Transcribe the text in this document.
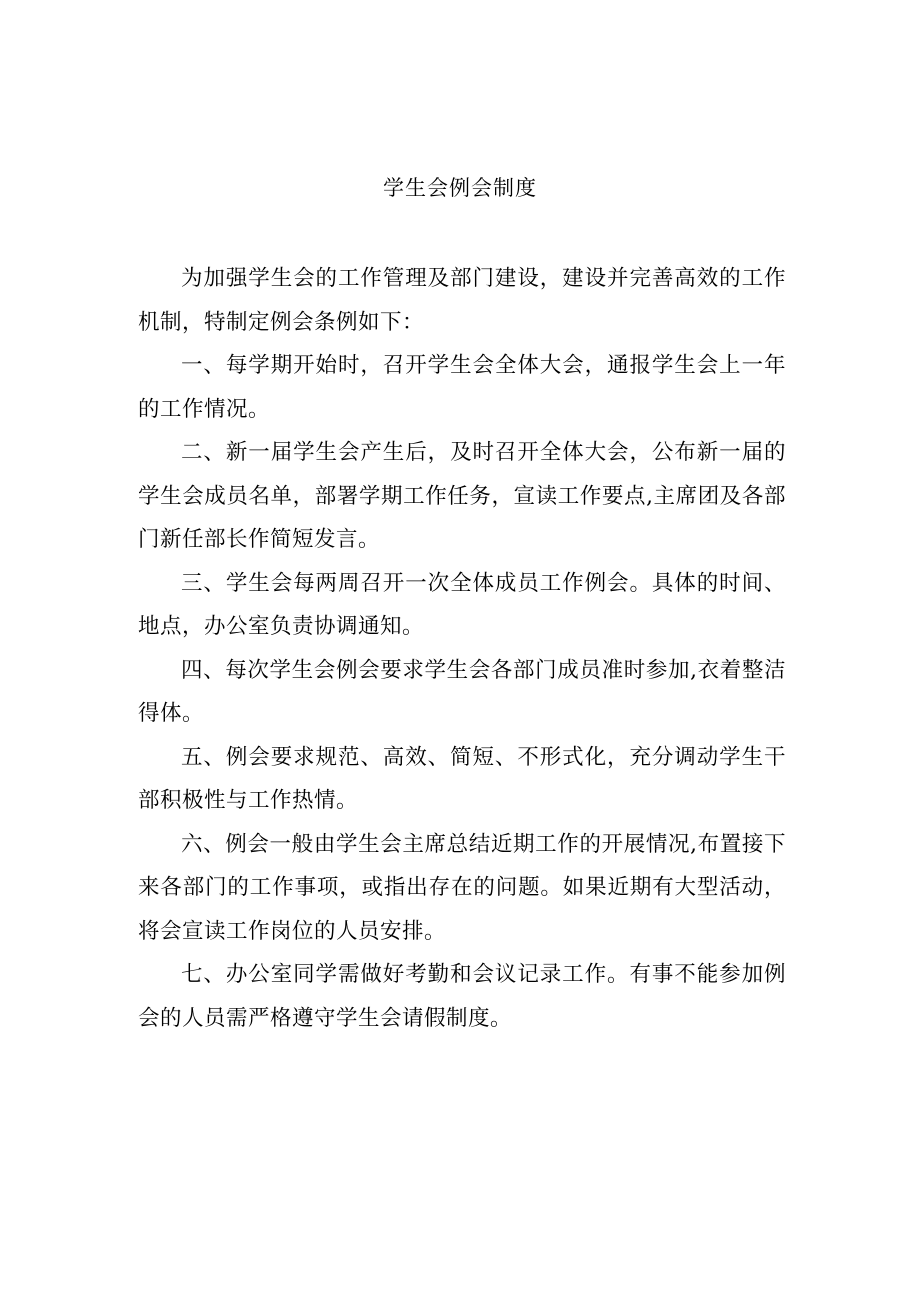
学生会例会制度

为加强学生会的工作管理及部门建设，建设并完善高效的工作机制，特制定例会条例如下：

一、每学期开始时，召开学生会全体大会，通报学生会上一年的工作情况。

二、新一届学生会产生后，及时召开全体大会，公布新一届的学生会成员名单，部署学期工作任务，宣读工作要点,主席团及各部门新任部长作简短发言。

三、学生会每两周召开一次全体成员工作例会。具体的时间、地点，办公室负责协调通知。

四、每次学生会例会要求学生会各部门成员准时参加,衣着整洁得体。

五、例会要求规范、高效、简短、不形式化，充分调动学生干部积极性与工作热情。

六、例会一般由学生会主席总结近期工作的开展情况,布置接下来各部门的工作事项，或指出存在的问题。如果近期有大型活动，将会宣读工作岗位的人员安排。

七、办公室同学需做好考勤和会议记录工作。有事不能参加例会的人员需严格遵守学生会请假制度。
